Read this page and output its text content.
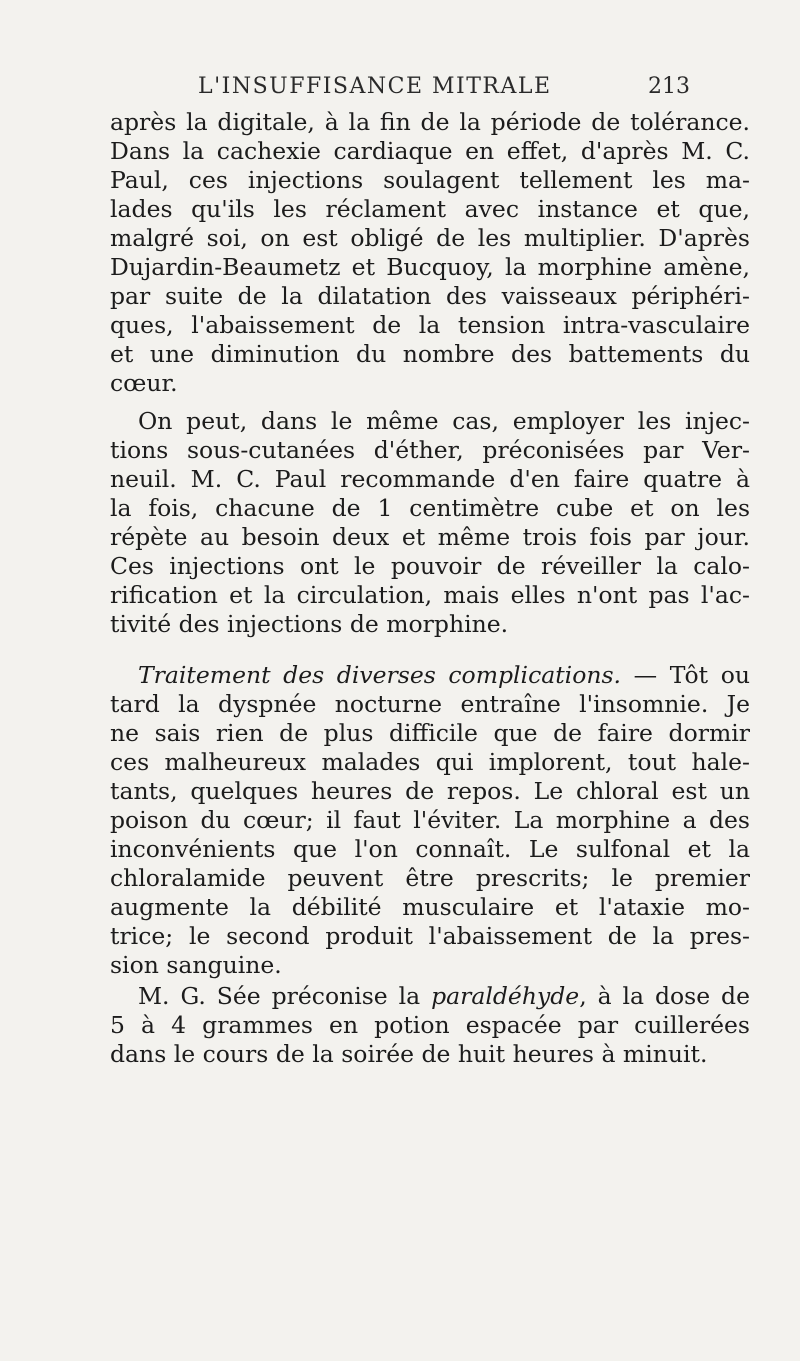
L'INSUFFISANCE MITRALE	213
après la digitale, à la fin de la période de tolérance.
Dans la cachexie cardiaque en effet, d'après M. C.
Paul, ces injections soulagent tellement les ma-
lades qu'ils les réclament avec instance et que,
malgré soi, on est obligé de les multiplier. D'après
Dujardin-Beaumetz et Bucquoy, la morphine amène,
par suite de la dilatation des vaisseaux périphéri-
ques, l'abaissement de la tension intra-vasculaire
et une diminution du nombre des battements du
cœur.
On peut, dans le même cas, employer les injec-
tions sous-cutanées d'éther, préconisées par Ver-
neuil. M. C. Paul recommande d'en faire quatre à
la fois, chacune de 1 centimètre cube et on les
répète au besoin deux et même trois fois par jour.
Ces injections ont le pouvoir de réveiller la calo-
rification et la circulation, mais elles n'ont pas l'ac-
tivité des injections de morphine.
Traitement des diverses complications. — Tôt ou
tard la dyspnée nocturne entraîne l'insomnie. Je
ne sais rien de plus difficile que de faire dormir
ces malheureux malades qui implorent, tout hale-
tants, quelques heures de repos. Le chloral est un
poison du cœur; il faut l'éviter. La morphine a des
inconvénients que l'on connaît. Le sulfonal et la
chloralamide peuvent être prescrits; le premier
augmente la débilité musculaire et l'ataxie mo-
trice; le second produit l'abaissement de la pres-
sion sanguine.
M. G. Sée préconise la paraldéhyde, à la dose de
5 à 4 grammes en potion espacée par cuillerées
dans le cours de la soirée de huit heures à minuit.
